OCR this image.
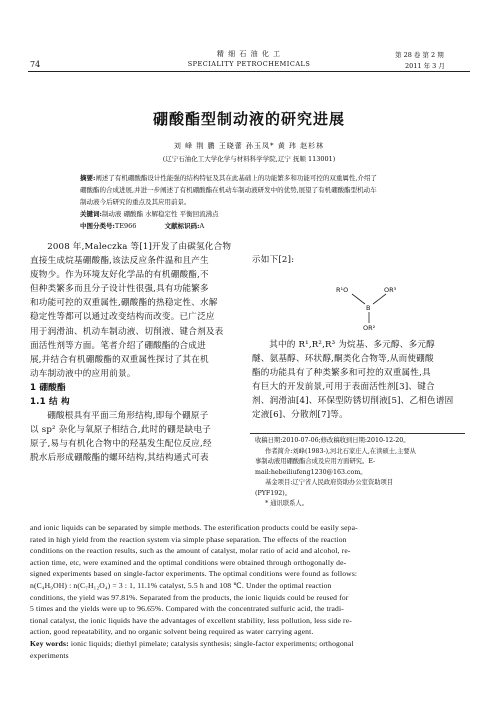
74
精 细 石 油 化 工
SPECIALITY PETROCHEMICALS
第 28 卷 第 2 期
2011 年 3 月
硼酸酯型制动液的研究进展
刘 峰 荆 鹏 王晓蕾 孙玉凤* 黄 玮 赵杉林
(辽宁石油化工大学化学与材料科学学院,辽宁 抚顺 113001)
摘要:阐述了有机硼酸酯设计性能强的结构特征及其在此基础上的功能繁多和功能可控的双重属性,介绍了
硼酸酯的合成进展,并进一步阐述了有机硼酸酯在机动车制动液研发中的优势,展望了有机硼酸酯型机动车
制动液今后研究的重点及其应用前景。
关键词:制动液 硼酸酯 水解稳定性 平衡回流沸点
中图分类号:TE966	文献标识码:A
2008 年,Maleczka 等[1]开发了由碳氢化合物
直接生成烷基硼酸酯,该法反应条件温和且产生
废物少。作为环境友好化学品的有机硼酸酯,不
但种类繁多而且分子设计性很强,具有功能繁多
和功能可控的双重属性,硼酸酯的热稳定性、水解
稳定性等都可以通过改变结构而改变。已广泛应
用于润滑油、机动车制动液、切削液、键合剂及表
面活性剂等方面。笔者介绍了硼酸酯的合成进
展,并结合有机硼酸酯的双重属性探讨了其在机
动车制动液中的应用前景。
1 硼酸酯
1.1 结 构
硼酸根具有平面三角形结构,即每个硼原子
以 sp² 杂化与氧原子相结合,此时的硼是缺电子
原子,易与有机化合物中的羟基发生配位反应,经
脱水后形成硼酸酯的螺环结构,其结构通式可表
示如下[2]:
R¹O	OR³
B
OR²
其中的 R¹,R²,R³ 为烷基、多元醇、多元醇
醚、氨基醇、环状醇,酮类化合物等,从而使硼酸
酯的功能具有了种类繁多和可控的双重属性,具
有巨大的开发前景,可用于表面活性剂[3]、键合
剂、润滑油[4]、环保型防锈切削液[5]、乙相色谱固
定液[6]、分散剂[7]等。
收稿日期:2010-07-06;修改稿收到日期:2010-12-20。
作者简介:刘峰(1983-),河北石家庄人,在读硕士,主要从
事制动液用硼酸酯合成及应用方面研究。E-
mail:hebeiliufeng1230@163.com。
基金项目:辽宁省人民政府资助办公室资助项目
(PYF192)。
* 通讯联系人。
and ionic liquids can be separated by simple methods. The esterification products could be easily sepa-
rated in high yield from the reaction system via simple phase separation. The effects of the reaction
conditions on the reaction results, such as the amount of catalyst, molar ratio of acid and alcohol, re-
action time, etc, were examined and the optimal conditions were obtained through orthogonally de-
signed experiments based on single-factor experiments. The optimal conditions were found as follows:
n(C₄H₉OH) : n(C₇H₁₂O₄) = 3 : 1, 11.1% catalyst, 5.5 h and 108 ℃. Under the optimal reaction
conditions, the yield was 97.81%. Separated from the products, the ionic liquids could be reused for
5 times and the yields were up to 96.65%. Compared with the concentrated sulfuric acid, the tradi-
tional catalyst, the ionic liquids have the advantages of excellent stability, less pollution, less side re-
action, good repeatability, and no organic solvent being required as water carrying agent.
Key words: ionic liquids; diethyl pimelate; catalysis synthesis; single-factor experiments; orthogonal
experiments
